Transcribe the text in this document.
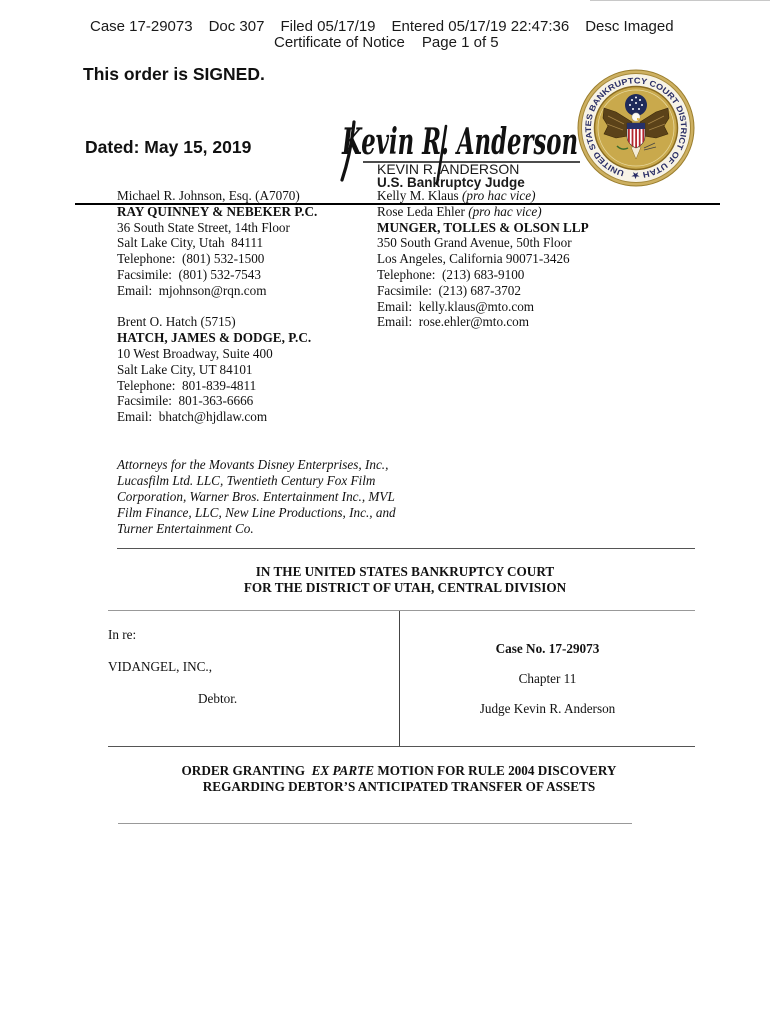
Case 17-29073 Doc 307 Filed 05/17/19 Entered 05/17/19 22:47:36 Desc Imaged
Certificate of Notice Page 1 of 5
This order is SIGNED.
Dated: May 15, 2019
KEVIN R. ANDERSON
U.S. Bankruptcy Judge
Kevin R. Anderson
UNITED STATES BANKRUPTCY COURT DISTRICT OF UTAH ★
Michael R. Johnson, Esq. (A7070)
RAY QUINNEY & NEBEKER P.C.
36 South State Street, 14th Floor
Salt Lake City, Utah  84111
Telephone:  (801) 532-1500
Facsimile:  (801) 532-7543
Email:  mjohnson@rqn.com
Brent O. Hatch (5715)
HATCH, JAMES & DODGE, P.C.
10 West Broadway, Suite 400
Salt Lake City, UT 84101
Telephone:  801-839-4811
Facsimile:  801-363-6666
Email:  bhatch@hjdlaw.com
Kelly M. Klaus (pro hac vice)
Rose Leda Ehler (pro hac vice)
MUNGER, TOLLES & OLSON LLP
350 South Grand Avenue, 50th Floor
Los Angeles, California 90071-3426
Telephone:  (213) 683-9100
Facsimile:  (213) 687-3702
Email:  kelly.klaus@mto.com
Email:  rose.ehler@mto.com
Attorneys for the Movants Disney Enterprises, Inc.,
Lucasfilm Ltd. LLC, Twentieth Century Fox Film
Corporation, Warner Bros. Entertainment Inc., MVL
Film Finance, LLC, New Line Productions, Inc., and
Turner Entertainment Co.
IN THE UNITED STATES BANKRUPTCY COURT
FOR THE DISTRICT OF UTAH, CENTRAL DIVISION
In re:
VIDANGEL, INC.,
Debtor.
Case No. 17-29073
Chapter 11
Judge Kevin R. Anderson
ORDER GRANTING EX PARTE MOTION FOR RULE 2004 DISCOVERY
REGARDING DEBTOR’S ANTICIPATED TRANSFER OF ASSETS
